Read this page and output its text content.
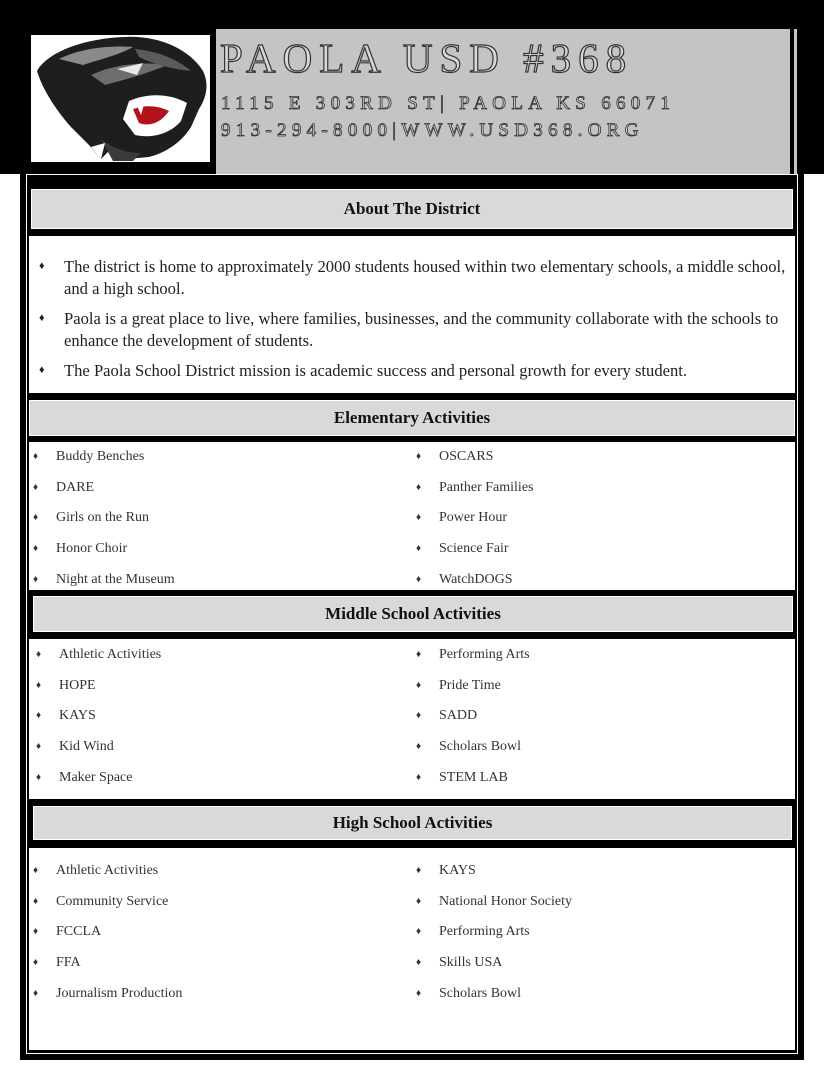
PAOLA USD #368
1115 E 303RD ST| PAOLA KS 66071
913-294-8000|WWW.USD368.ORG
About The District
♦	The district is home to approximately 2000 students housed within two elementary schools, a middle school, and a high school.
♦	Paola is a great place to live, where families, businesses, and the community collaborate with the schools to enhance the development of students.
♦	The Paola School District mission is academic success and personal growth for every student.
Elementary Activities
♦	Buddy Benches
♦	DARE
♦	Girls on the Run
♦	Honor Choir
♦	Night at the Museum
♦	OSCARS
♦	Panther Families
♦	Power Hour
♦	Science Fair
♦	WatchDOGS
Middle School Activities
♦	Athletic Activities
♦	HOPE
♦	KAYS
♦	Kid Wind
♦	Maker Space
♦	Performing Arts
♦	Pride Time
♦	SADD
♦	Scholars Bowl
♦	STEM LAB
High School Activities
♦	Athletic Activities
♦	Community Service
♦	FCCLA
♦	FFA
♦	Journalism Production
♦	KAYS
♦	National Honor Society
♦	Performing Arts
♦	Skills USA
♦	Scholars Bowl
